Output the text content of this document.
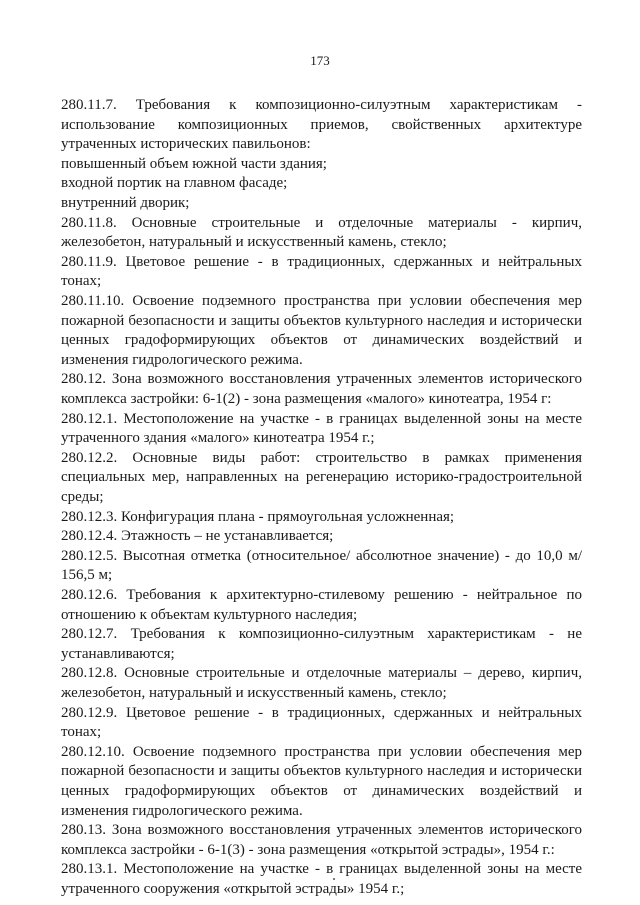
173
280.11.7. Требования к композиционно-силуэтным характеристикам -
использование композиционных приемов, свойственных архитектуре
утраченных исторических павильонов:
повышенный объем южной части здания;
входной портик на главном фасаде;
внутренний дворик;
280.11.8. Основные строительные и отделочные материалы - кирпич,
железобетон, натуральный и искусственный камень, стекло;
280.11.9. Цветовое решение - в традиционных, сдержанных и нейтральных
тонах;
280.11.10. Освоение подземного пространства при условии обеспечения мер
пожарной безопасности и защиты объектов культурного наследия и исторически
ценных градоформирующих объектов от динамических воздействий и
изменения гидрологического режима.
280.12. Зона возможного восстановления утраченных элементов исторического
комплекса застройки: 6-1(2) - зона размещения «малого» кинотеатра, 1954 г:
280.12.1. Местоположение на участке - в границах выделенной зоны на месте
утраченного здания «малого» кинотеатра 1954 г.;
280.12.2. Основные виды работ: строительство в рамках применения
специальных мер, направленных на регенерацию историко-градостроительной
среды;
280.12.3. Конфигурация плана - прямоугольная усложненная;
280.12.4. Этажность – не устанавливается;
280.12.5. Высотная отметка (относительное/ абсолютное значение) - до 10,0 м/
156,5 м;
280.12.6. Требования к архитектурно-стилевому решению - нейтральное по
отношению к объектам культурного наследия;
280.12.7. Требования к композиционно-силуэтным характеристикам - не
устанавливаются;
280.12.8. Основные строительные и отделочные материалы – дерево, кирпич,
железобетон, натуральный и искусственный камень, стекло;
280.12.9. Цветовое решение - в традиционных, сдержанных и нейтральных
тонах;
280.12.10. Освоение подземного пространства при условии обеспечения мер
пожарной безопасности и защиты объектов культурного наследия и исторически
ценных градоформирующих объектов от динамических воздействий и
изменения гидрологического режима.
280.13. Зона возможного восстановления утраченных элементов исторического
комплекса застройки - 6-1(3) - зона размещения «открытой эстрады», 1954 г.:
280.13.1. Местоположение на участке - в границах выделенной зоны на месте
утраченного сооружения «открытой эстрады» 1954 г.;
